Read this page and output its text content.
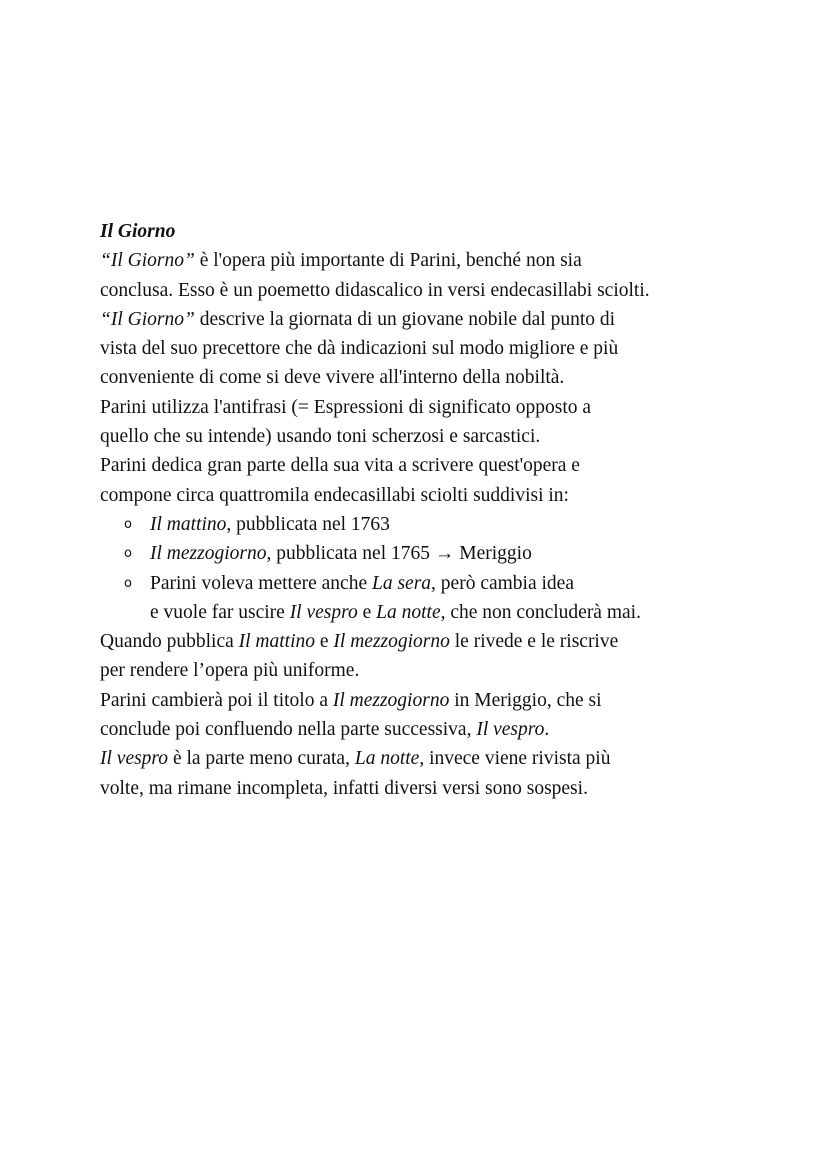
Il Giorno
“Il Giorno” è l'opera più importante di Parini, benché non sia
conclusa. Esso è un poemetto didascalico in versi endecasillabi sciolti.
“Il Giorno” descrive la giornata di un giovane nobile dal punto di
vista del suo precettore che dà indicazioni sul modo migliore e più
conveniente di come si deve vivere all'interno della nobiltà.
Parini utilizza l'antifrasi (= Espressioni di significato opposto a
quello che su intende) usando toni scherzosi e sarcastici.
Parini dedica gran parte della sua vita a scrivere quest'opera e
compone circa quattromila endecasillabi sciolti suddivisi in:
o Il mattino, pubblicata nel 1763
o Il mezzogiorno, pubblicata nel 1765 → Meriggio
o Parini voleva mettere anche La sera, però cambia idea
e vuole far uscire Il vespro e La notte, che non concluderà mai.
Quando pubblica Il mattino e Il mezzogiorno le rivede e le riscrive
per rendere l’opera più uniforme.
Parini cambierà poi il titolo a Il mezzogiorno in Meriggio, che si
conclude poi confluendo nella parte successiva, Il vespro.
Il vespro è la parte meno curata, La notte, invece viene rivista più
volte, ma rimane incompleta, infatti diversi versi sono sospesi.
